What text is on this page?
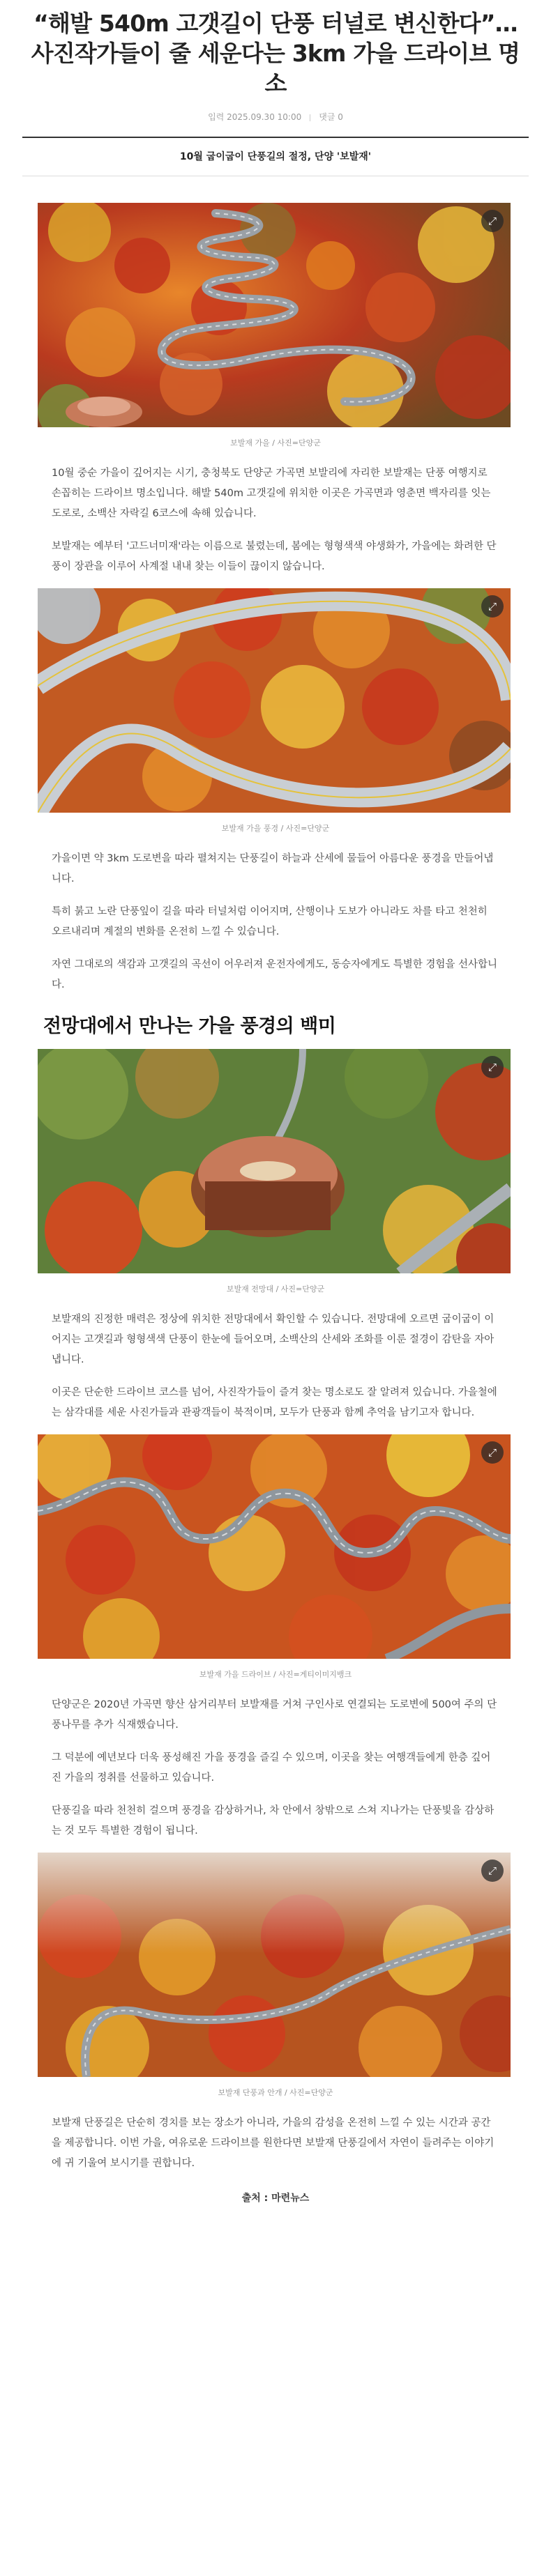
“해발 540m 고갯길이 단풍 터널로 변신한다”… 사진작가들이 줄 세운다는 3km 가을 드라이브 명소
입력 2025.09.30 10:00 댓글 0
10월 굽이굽이 단풍길의 절정, 단양 '보발재'
⤢
보발재 가을 / 사진=단양군

10월 중순 가을이 깊어지는 시기, 충청북도 단양군 가곡면 보발리에 자리한 보발재는 단풍 여행지로 손꼽히는 드라이브 명소입니다. 해발 540m 고갯길에 위치한 이곳은 가곡면과 영춘면 백자리를 잇는 도로로, 소백산 자락길 6코스에 속해 있습니다.

보발재는 예부터 '고드너미재'라는 이름으로 불렸는데, 봄에는 형형색색 야생화가, 가을에는 화려한 단풍이 장관을 이루어 사계절 내내 찾는 이들이 끊이지 않습니다.

⤢
보발재 가을 풍경 / 사진=단양군

가을이면 약 3km 도로변을 따라 펼쳐지는 단풍길이 하늘과 산세에 물들어 아름다운 풍경을 만들어냅니다.

특히 붉고 노란 단풍잎이 길을 따라 터널처럼 이어지며, 산행이나 도보가 아니라도 차를 타고 천천히 오르내리며 계절의 변화를 온전히 느낄 수 있습니다.

자연 그대로의 색감과 고갯길의 곡선이 어우러져 운전자에게도, 동승자에게도 특별한 경험을 선사합니다.

전망대에서 만나는 가을 풍경의 백미
⤢
보발재 전망대 / 사진=단양군

보발재의 진정한 매력은 정상에 위치한 전망대에서 확인할 수 있습니다. 전망대에 오르면 굽이굽이 이어지는 고갯길과 형형색색 단풍이 한눈에 들어오며, 소백산의 산세와 조화를 이룬 절경이 감탄을 자아냅니다.

이곳은 단순한 드라이브 코스를 넘어, 사진작가들이 즐겨 찾는 명소로도 잘 알려져 있습니다. 가을철에는 삼각대를 세운 사진가들과 관광객들이 북적이며, 모두가 단풍과 함께 추억을 남기고자 합니다.

⤢
보발재 가을 드라이브 / 사진=게티이미지뱅크

단양군은 2020년 가곡면 향산 삼거리부터 보발재를 거쳐 구인사로 연결되는 도로변에 500여 주의 단풍나무를 추가 식재했습니다.

그 덕분에 예년보다 더욱 풍성해진 가을 풍경을 즐길 수 있으며, 이곳을 찾는 여행객들에게 한층 깊어진 가을의 정취를 선물하고 있습니다.

단풍길을 따라 천천히 걸으며 풍경을 감상하거나, 차 안에서 창밖으로 스쳐 지나가는 단풍빛을 감상하는 것 모두 특별한 경험이 됩니다.

⤢
보발재 단풍과 안개 / 사진=단양군

보발재 단풍길은 단순히 경치를 보는 장소가 아니라, 가을의 감성을 온전히 느낄 수 있는 시간과 공간을 제공합니다. 이번 가을, 여유로운 드라이브를 원한다면 보발재 단풍길에서 자연이 들려주는 이야기에 귀 기울여 보시기를 권합니다.

출처 : 마련뉴스
